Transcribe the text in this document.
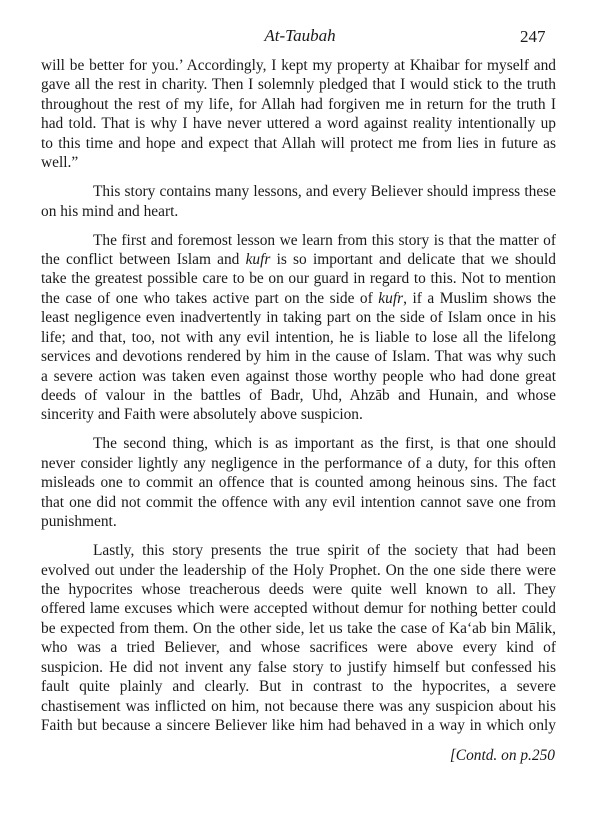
At-Taubah	247
will be better for you.’ Accordingly, I kept my property at Khaibar for myself and
gave all the rest in charity. Then I solemnly pledged that I would stick to the truth
throughout the rest of my life, for Allah had forgiven me in return for the truth I
had told. That is why I have never uttered a word against reality intentionally up
to this time and hope and expect that Allah will protect me from lies in future as
well.”
This story contains many lessons, and every Believer should impress these
on his mind and heart.
The first and foremost lesson we learn from this story is that the matter of
the conflict between Islam and kufr is so important and delicate that we should
take the greatest possible care to be on our guard in regard to this. Not to mention
the case of one who takes active part on the side of kufr, if a Muslim shows the
least negligence even inadvertently in taking part on the side of Islam once in his
life; and that, too, not with any evil intention, he is liable to lose all the lifelong
services and devotions rendered by him in the cause of Islam. That was why such
a severe action was taken even against those worthy people who had done great
deeds of valour in the battles of Badr, Uhd, Ahzāb and Hunain, and whose
sincerity and Faith were absolutely above suspicion.
The second thing, which is as important as the first, is that one should
never consider lightly any negligence in the performance of a duty, for this often
misleads one to commit an offence that is counted among heinous sins. The fact
that one did not commit the offence with any evil intention cannot save one from
punishment.
Lastly, this story presents the true spirit of the society that had been
evolved out under the leadership of the Holy Prophet. On the one side there were
the hypocrites whose treacherous deeds were quite well known to all. They
offered lame excuses which were accepted without demur for nothing better could
be expected from them. On the other side, let us take the case of Ka‘ab bin Mālik,
who was a tried Believer, and whose sacrifices were above every kind of
suspicion. He did not invent any false story to justify himself but confessed his
fault quite plainly and clearly. But in contrast to the hypocrites, a severe
chastisement was inflicted on him, not because there was any suspicion about his
Faith but because a sincere Believer like him had behaved in a way in which only
[Contd. on p.250
